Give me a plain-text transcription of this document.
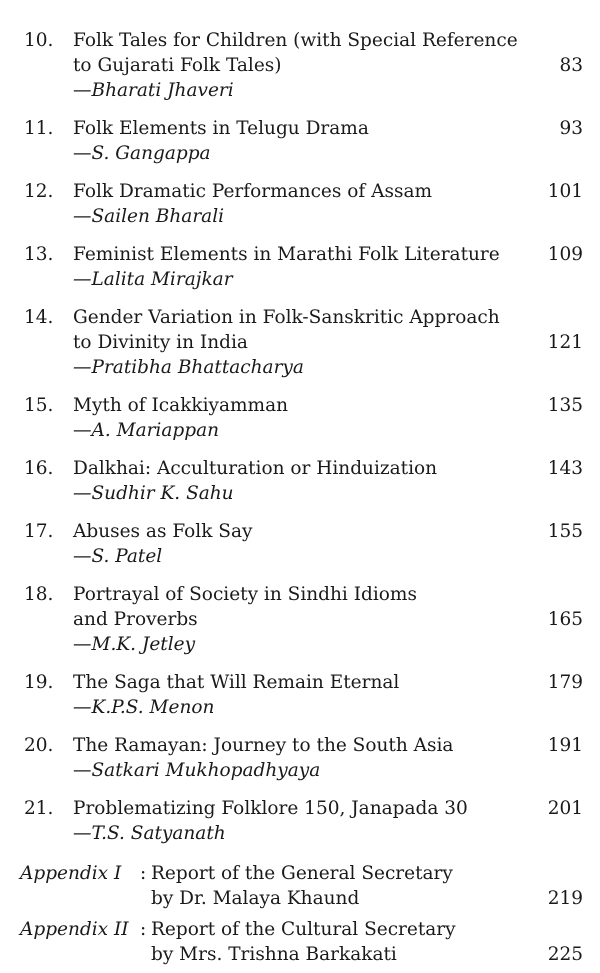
10. Folk Tales for Children (with Special Reference
to Gujarati Folk Tales)	83
—Bharati Jhaveri
11. Folk Elements in Telugu Drama	93
—S. Gangappa
12. Folk Dramatic Performances of Assam	101
—Sailen Bharali
13. Feminist Elements in Marathi Folk Literature	109
—Lalita Mirajkar
14. Gender Variation in Folk-Sanskritic Approach
to Divinity in India	121
—Pratibha Bhattacharya
15. Myth of Icakkiyamman	135
—A. Mariappan
16. Dalkhai: Acculturation or Hinduization	143
—Sudhir K. Sahu
17. Abuses as Folk Say	155
—S. Patel
18. Portrayal of Society in Sindhi Idioms
and Proverbs	165
—M.K. Jetley
19. The Saga that Will Remain Eternal	179
—K.P.S. Menon
20. The Ramayan: Journey to the South Asia	191
—Satkari Mukhopadhyaya
21. Problematizing Folklore 150, Janapada 30	201
—T.S. Satyanath
Appendix I : Report of the General Secretary
by Dr. Malaya Khaund	219
Appendix II : Report of the Cultural Secretary
by Mrs. Trishna Barkakati	225
